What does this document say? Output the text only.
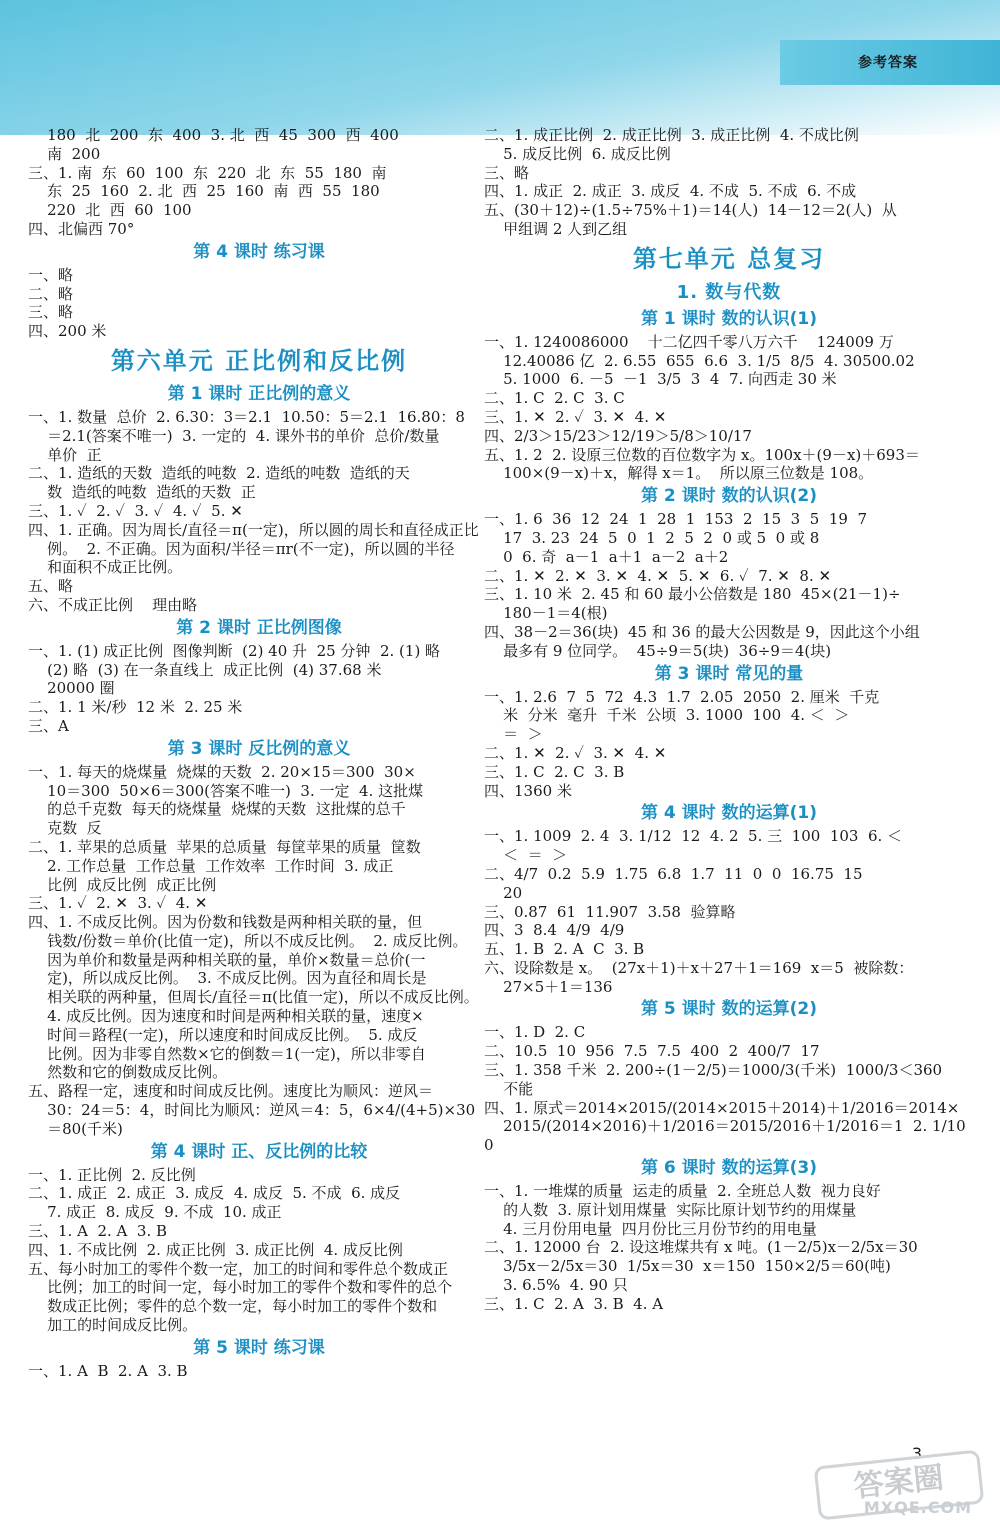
参考答案
180  北  200  东  400  3. 北  西  45  300  西  400
南  200
三、1. 南  东  60  100  东  220  北  东  55  180  南
东  25  160  2. 北  西  25  160  南  西  55  180
220  北  西  60  100
四、北偏西 70°
第 4 课时 练习课
一、略
二、略
三、略
四、200 米
第六单元 正比例和反比例
第 1 课时 正比例的意义
一、1. 数量  总价  2. 6.30：3＝2.1  10.50：5＝2.1  16.80：8
＝2.1(答案不唯一)  3. 一定的  4. 课外书的单价  总价/数量
单价  正
二、1. 造纸的天数  造纸的吨数  2. 造纸的吨数  造纸的天
数  造纸的吨数  造纸的天数  正
三、1. ✓  2. ✓  3. ✓  4. ✓  5. ✕
四、1. 正确。因为周长/直径＝π(一定)，所以圆的周长和直径成正比
例。  2. 不正确。因为面积/半径＝πr(不一定)，所以圆的半径
和面积不成正比例。
五、略
六、不成正比例    理由略
第 2 课时 正比例图像
一、1. (1) 成正比例  图像判断  (2) 40 升  25 分钟  2. (1) 略
(2) 略  (3) 在一条直线上  成正比例  (4) 37.68 米
20000 圈
二、1. 1 米/秒  12 米  2. 25 米
三、A
第 3 课时 反比例的意义
一、1. 每天的烧煤量  烧煤的天数  2. 20×15＝300  30×
10＝300  50×6＝300(答案不唯一)  3. 一定  4. 这批煤
的总千克数  每天的烧煤量  烧煤的天数  这批煤的总千
克数  反
二、1. 苹果的总质量  苹果的总质量  每筐苹果的质量  筐数
2. 工作总量  工作总量  工作效率  工作时间  3. 成正
比例  成反比例  成正比例
三、1. ✓  2. ✕  3. ✓  4. ✕
四、1. 不成反比例。因为份数和钱数是两种相关联的量，但
钱数/份数＝单价(比值一定)，所以不成反比例。  2. 成反比例。
因为单价和数量是两种相关联的量，单价×数量＝总价(一
定)，所以成反比例。  3. 不成反比例。因为直径和周长是
相关联的两种量，但周长/直径＝π(比值一定)，所以不成反比例。
4. 成反比例。因为速度和时间是两种相关联的量，速度×
时间＝路程(一定)，所以速度和时间成反比例。  5. 成反
比例。因为非零自然数×它的倒数＝1(一定)，所以非零自
然数和它的倒数成反比例。
五、路程一定，速度和时间成反比例。速度比为顺风：逆风＝
30：24＝5：4，时间比为顺风：逆风＝4：5，6×4/(4+5)×30
＝80(千米)
第 4 课时 正、反比例的比较
一、1. 正比例  2. 反比例
二、1. 成正  2. 成正  3. 成反  4. 成反  5. 不成  6. 成反
7. 成正  8. 成反  9. 不成  10. 成正
三、1. A  2. A  3. B
四、1. 不成比例  2. 成正比例  3. 成正比例  4. 成反比例
五、每小时加工的零件个数一定，加工的时间和零件总个数成正
比例；加工的时间一定，每小时加工的零件个数和零件的总个
数成正比例；零件的总个数一定，每小时加工的零件个数和
加工的时间成反比例。
第 5 课时 练习课
一、1. A  B  2. A  3. B
二、1. 成正比例  2. 成正比例  3. 成正比例  4. 不成比例
5. 成反比例  6. 成反比例
三、略
四、1. 成正  2. 成正  3. 成反  4. 不成  5. 不成  6. 不成
五、(30＋12)÷(1.5÷75%＋1)＝14(人)  14－12＝2(人)  从
甲组调 2 人到乙组
第七单元 总复习
1. 数与代数
第 1 课时 数的认识(1)
一、1. 1240086000    十二亿四千零八万六千    124009 万
12.40086 亿  2. 6.55  655  6.6  3. 1/5  8/5  4. 30500.02
5. 1000  6. －5  －1  3/5  3  4  7. 向西走 30 米
二、1. C  2. C  3. C
三、1. ✕  2. ✓  3. ✕  4. ✕
四、2/3＞15/23＞12/19＞5/8＞10/17
五、1. 2  2. 设原三位数的百位数字为 x。100x＋(9－x)＋693＝
100×(9－x)＋x，解得 x＝1。  所以原三位数是 108。
第 2 课时 数的认识(2)
一、1. 6  36  12  24  1  28  1  153  2  15  3  5  19  7
17  3. 23  24  5  0  1  2  5  2  0 或 5  0 或 8
0  6. 奇  a－1  a＋1  a－2  a＋2
二、1. ✕  2. ✕  3. ✕  4. ✕  5. ✕  6. ✓  7. ✕  8. ✕
三、1. 10 米  2. 45 和 60 最小公倍数是 180  45×(21－1)÷
180－1＝4(根)
四、38－2＝36(块)  45 和 36 的最大公因数是 9，因此这个小组
最多有 9 位同学。  45÷9＝5(块)  36÷9＝4(块)
第 3 课时 常见的量
一、1. 2.6  7  5  72  4.3  1.7  2.05  2050  2. 厘米  千克
米  分米  毫升  千米  公顷  3. 1000  100  4. ＜  ＞
＝  ＞
二、1. ✕  2. ✓  3. ✕  4. ✕
三、1. C  2. C  3. B
四、1360 米
第 4 课时 数的运算(1)
一、1. 1009  2. 4  3. 1/12  12  4. 2  5. 三  100  103  6. ＜
＜  ＝  ＞
二、4/7  0.2  5.9  1.75  6.8  1.7  11  0  0  16.75  15
20
三、0.87  61  11.907  3.58  验算略
四、3  8.4  4/9  4/9
五、1. B  2. A  C  3. B
六、设除数是 x。  (27x＋1)＋x＋27＋1＝169  x＝5  被除数：
27×5＋1＝136
第 5 课时 数的运算(2)
一、1. D  2. C
二、10.5  10  956  7.5  7.5  400  2  400/7  17
三、1. 358 千米  2. 200÷(1－2/5)＝1000/3(千米)  1000/3＜360
不能
四、1. 原式＝2014×2015/(2014×2015＋2014)＋1/2016＝2014×
2015/(2014×2016)＋1/2016＝2015/2016＋1/2016＝1  2. 1/100
第 6 课时 数的运算(3)
一、1. 一堆煤的质量  运走的质量  2. 全班总人数  视力良好
的人数  3. 原计划用煤量  实际比原计划节约的用煤量
4. 三月份用电量  四月份比三月份节约的用电量
二、1. 12000 台  2. 设这堆煤共有 x 吨。(1－2/5)x－2/5x＝30
3/5x－2/5x＝30  1/5x＝30  x＝150  150×2/5＝60(吨)
3. 6.5%  4. 90 只
三、1. C  2. A  3. B  4. A
3
答案圈
MXQE.COM
